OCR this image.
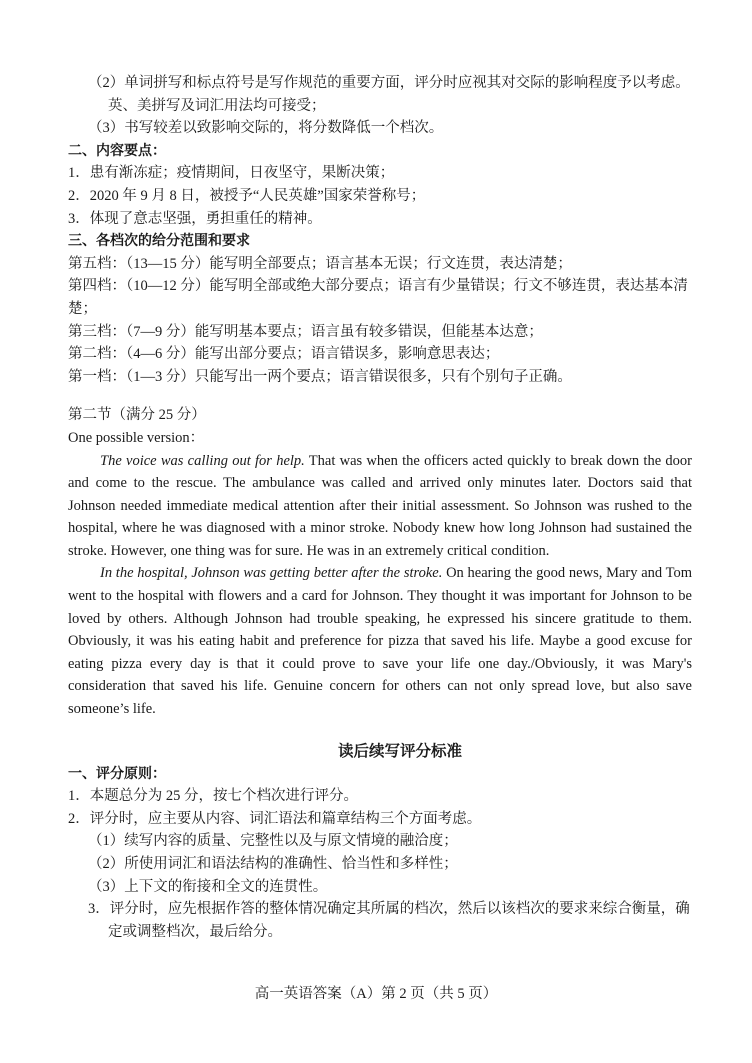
（2）单词拼写和标点符号是写作规范的重要方面，评分时应视其对交际的影响程度予以考虑。英、美拼写及词汇用法均可接受；
（3）书写较差以致影响交际的，将分数降低一个档次。
二、内容要点：
1．患有渐冻症；疫情期间，日夜坚守，果断决策；
2．2020 年 9 月 8 日，被授予“人民英雄”国家荣誉称号；
3．体现了意志坚强，勇担重任的精神。
三、各档次的给分范围和要求
第五档：（13—15 分）能写明全部要点；语言基本无误；行文连贯，表达清楚；
第四档：（10—12 分）能写明全部或绝大部分要点；语言有少量错误；行文不够连贯，表达基本清楚；
第三档：（7—9 分）能写明基本要点；语言虽有较多错误，但能基本达意；
第二档：（4—6 分）能写出部分要点；语言错误多，影响意思表达；
第一档：（1—3 分）只能写出一两个要点；语言错误很多，只有个别句子正确。
第二节（满分 25 分）
One possible version：
The voice was calling out for help. That was when the officers acted quickly to break down the door and come to the rescue. The ambulance was called and arrived only minutes later. Doctors said that Johnson needed immediate medical attention after their initial assessment. So Johnson was rushed to the hospital, where he was diagnosed with a minor stroke. Nobody knew how long Johnson had sustained the stroke. However, one thing was for sure. He was in an extremely critical condition.
In the hospital, Johnson was getting better after the stroke. On hearing the good news, Mary and Tom went to the hospital with flowers and a card for Johnson. They thought it was important for Johnson to be loved by others. Although Johnson had trouble speaking, he expressed his sincere gratitude to them. Obviously, it was his eating habit and preference for pizza that saved his life. Maybe a good excuse for eating pizza every day is that it could prove to save your life one day./Obviously, it was Mary's consideration that saved his life. Genuine concern for others can not only spread love, but also save someone’s life.
读后续写评分标准
一、评分原则：
1．本题总分为 25 分，按七个档次进行评分。
2．评分时，应主要从内容、词汇语法和篇章结构三个方面考虑。
（1）续写内容的质量、完整性以及与原文情境的融洽度；
（2）所使用词汇和语法结构的准确性、恰当性和多样性；
（3）上下文的衔接和全文的连贯性。
3．评分时，应先根据作答的整体情况确定其所属的档次，然后以该档次的要求来综合衡量，确定或调整档次，最后给分。
高一英语答案（A）第 2 页（共 5 页）
